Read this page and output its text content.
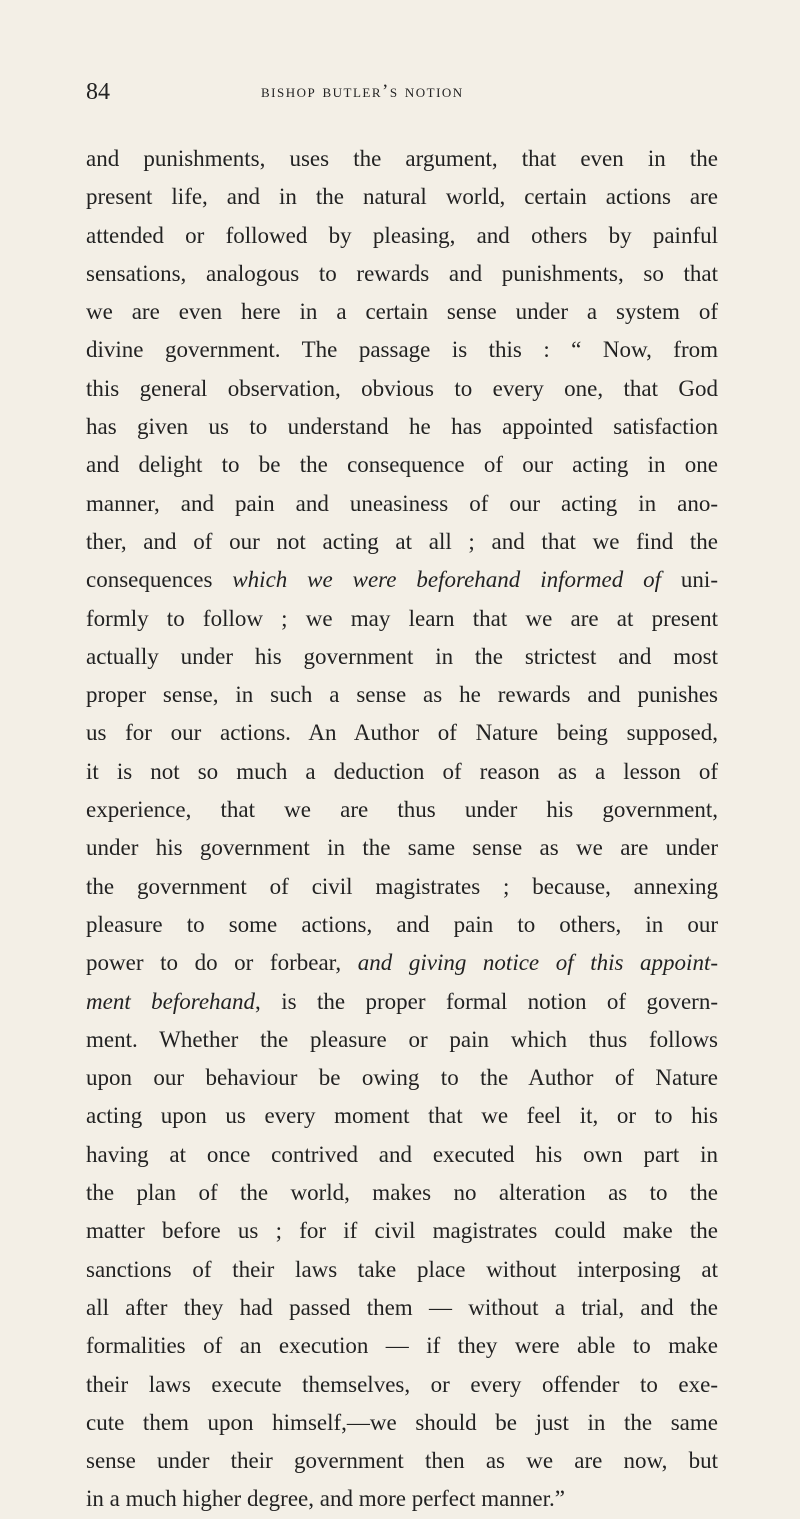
84	bishop butler’s notion
and punishments, uses the argument, that even in the
present life, and in the natural world, certain actions are
attended or followed by pleasing, and others by painful
sensations, analogous to rewards and punishments, so that
we are even here in a certain sense under a system of
divine government. The passage is this : “ Now, from
this general observation, obvious to every one, that God
has given us to understand he has appointed satisfaction
and delight to be the consequence of our acting in one
manner, and pain and uneasiness of our acting in ano-
ther, and of our not acting at all ; and that we find the
consequences which we were beforehand informed of uni-
formly to follow ; we may learn that we are at present
actually under his government in the strictest and most
proper sense, in such a sense as he rewards and punishes
us for our actions. An Author of Nature being supposed,
it is not so much a deduction of reason as a lesson of
experience, that we are thus under his government,
under his government in the same sense as we are under
the government of civil magistrates ; because, annexing
pleasure to some actions, and pain to others, in our
power to do or forbear, and giving notice of this appoint-
ment beforehand, is the proper formal notion of govern-
ment. Whether the pleasure or pain which thus follows
upon our behaviour be owing to the Author of Nature
acting upon us every moment that we feel it, or to his
having at once contrived and executed his own part in
the plan of the world, makes no alteration as to the
matter before us ; for if civil magistrates could make the
sanctions of their laws take place without interposing at
all after they had passed them — without a trial, and the
formalities of an execution — if they were able to make
their laws execute themselves, or every offender to exe-
cute them upon himself,—we should be just in the same
sense under their government then as we are now, but
in a much higher degree, and more perfect manner.”
